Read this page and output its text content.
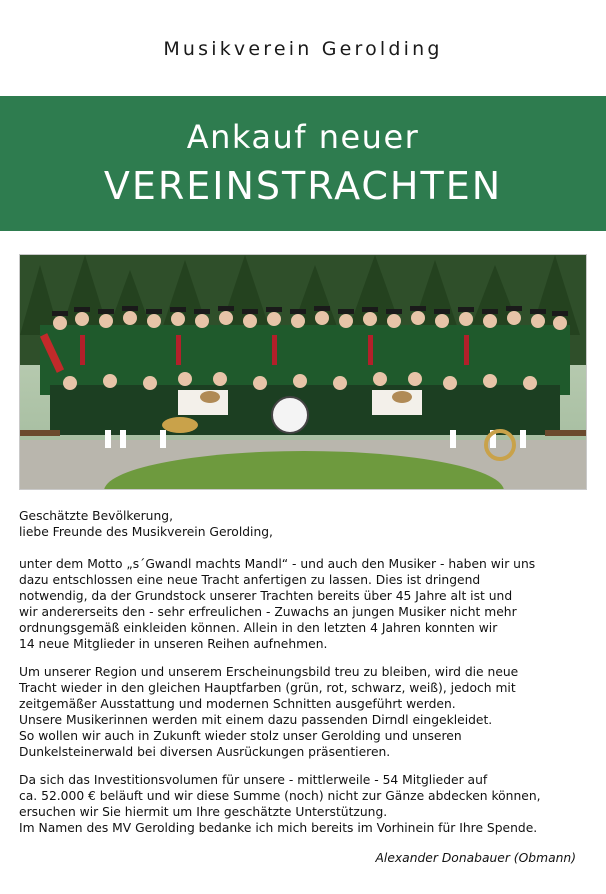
Musikverein Gerolding
Ankauf neuer
VEREINSTRACHTEN

Geschätzte Bevölkerung,

liebe Freunde des Musikverein Gerolding,

unter dem Motto „s´Gwandl machts Mandl“ - und auch den Musiker - haben wir uns

dazu entschlossen eine neue Tracht anfertigen zu lassen. Dies ist dringend

notwendig, da der Grundstock unserer Trachten bereits über 45 Jahre alt ist und

wir andererseits den - sehr erfreulichen - Zuwachs an jungen Musiker nicht mehr

ordnungsgemäß einkleiden können. Allein in den letzten 4 Jahren konnten wir

14 neue Mitglieder in unseren Reihen aufnehmen.

Um unserer Region und unserem Erscheinungsbild treu zu bleiben, wird die neue

Tracht wieder in den gleichen Hauptfarben (grün, rot, schwarz, weiß), jedoch mit

zeitgemäßer Ausstattung und modernen Schnitten ausgeführt werden.

Unsere Musikerinnen werden mit einem dazu passenden Dirndl eingekleidet.

So wollen wir auch in Zukunft wieder stolz unser Gerolding und unseren

Dunkelsteinerwald bei diversen Ausrückungen präsentieren.

Da sich das Investitionsvolumen für unsere - mittlerweile - 54 Mitglieder auf

ca. 52.000 € beläuft und wir diese Summe (noch) nicht zur Gänze abdecken können,

ersuchen wir Sie hiermit um Ihre geschätzte Unterstützung.

Im Namen des MV Gerolding bedanke ich mich bereits im Vorhinein für Ihre Spende.

Alexander Donabauer (Obmann)
